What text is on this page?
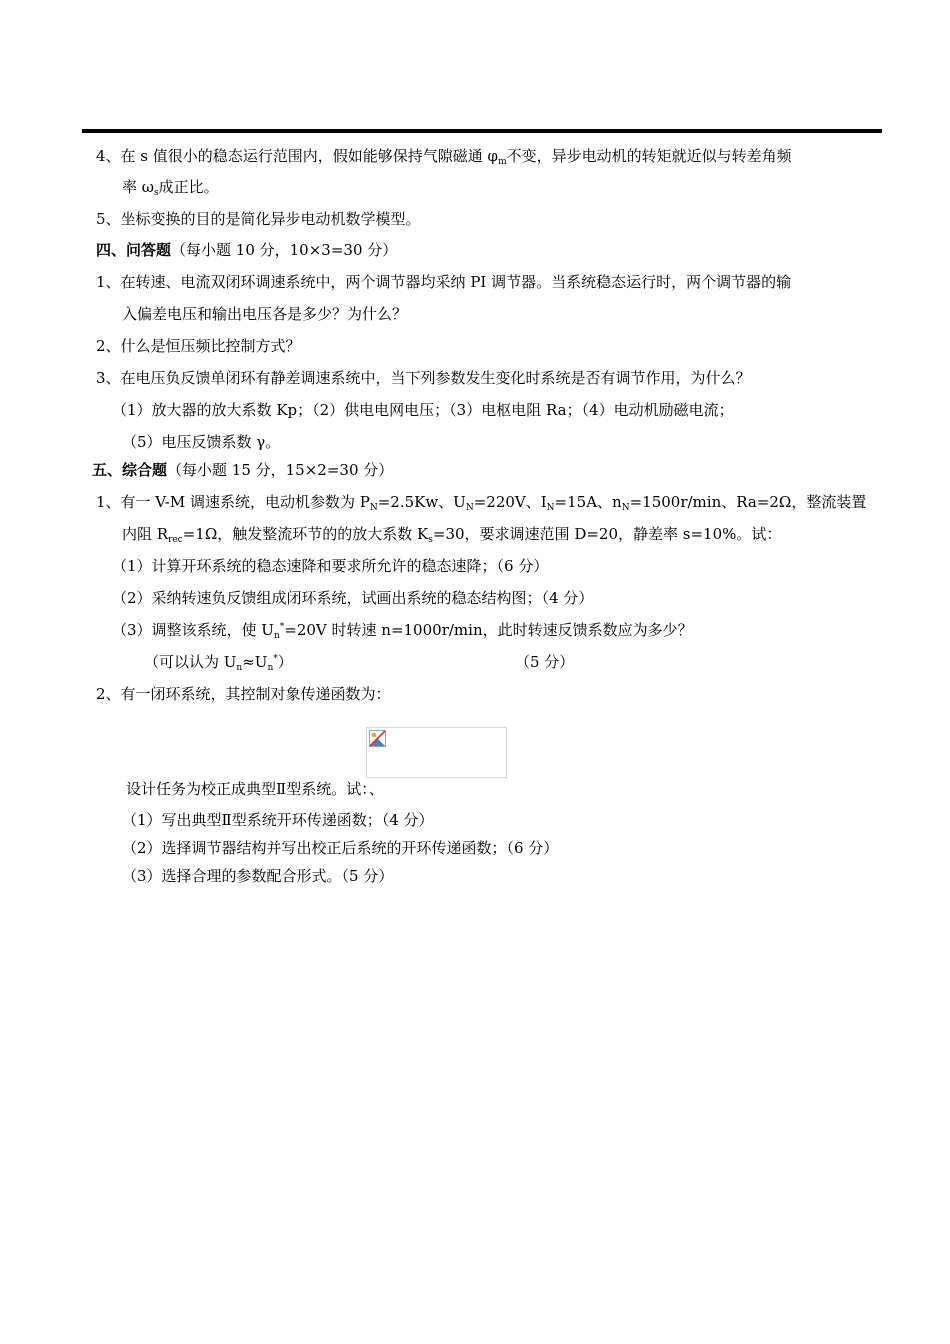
4、在 s 值很小的稳态运行范围内，假如能够保持气隙磁通 $\varphi_m$不变，异步电动机的转矩就近似与转差角频
率 $\omega_s$成正比。
5、坐标变换的目的是简化异步电动机数学模型。
四、问答题（每小题 10 分，10×3=30 分）
1、在转速、电流双闭环调速系统中，两个调节器均采纳 PI 调节器。当系统稳态运行时，两个调节器的输
入偏差电压和输出电压各是多少？为什么？
2、什么是恒压频比控制方式？
3、在电压负反馈单闭环有静差调速系统中，当下列参数发生变化时系统是否有调节作用，为什么？
（1）放大器的放大系数 Kp；（2）供电电网电压；（3）电枢电阻 Ra；（4）电动机励磁电流；
（5）电压反馈系数 γ。
五、综合题（每小题 15 分，15×2=30 分）
1、有一 V-M 调速系统，电动机参数为 $P_N=2.5Kw$、$U_N=220V$、$I_N=15A$、$n_N=1500r/\min$、Ra=2Ω，整流装置
内阻 $R_{rec}=1\Omega$，触发整流环节的的放大系数 $K_s=30$，要求调速范围 D=20，静差率 s=10%。试：
（1）计算开环系统的稳态速降和要求所允许的稳态速降；（6 分）
（2）采纳转速负反馈组成闭环系统，试画出系统的稳态结构图；（4 分）
（3）调整该系统，使 $U_n^*=20V$ 时转速 n=1000r/min，此时转速反馈系数应为多少？
（可以认为 $U_n\approx U_n^*$）	（5 分）
2、有一闭环系统，其控制对象传递函数为：
设计任务为校正成典型Ⅱ型系统。试：、
（1）写出典型Ⅱ型系统开环传递函数；（4 分）
（2）选择调节器结构并写出校正后系统的开环传递函数；（6 分）
（3）选择合理的参数配合形式。（5 分）
